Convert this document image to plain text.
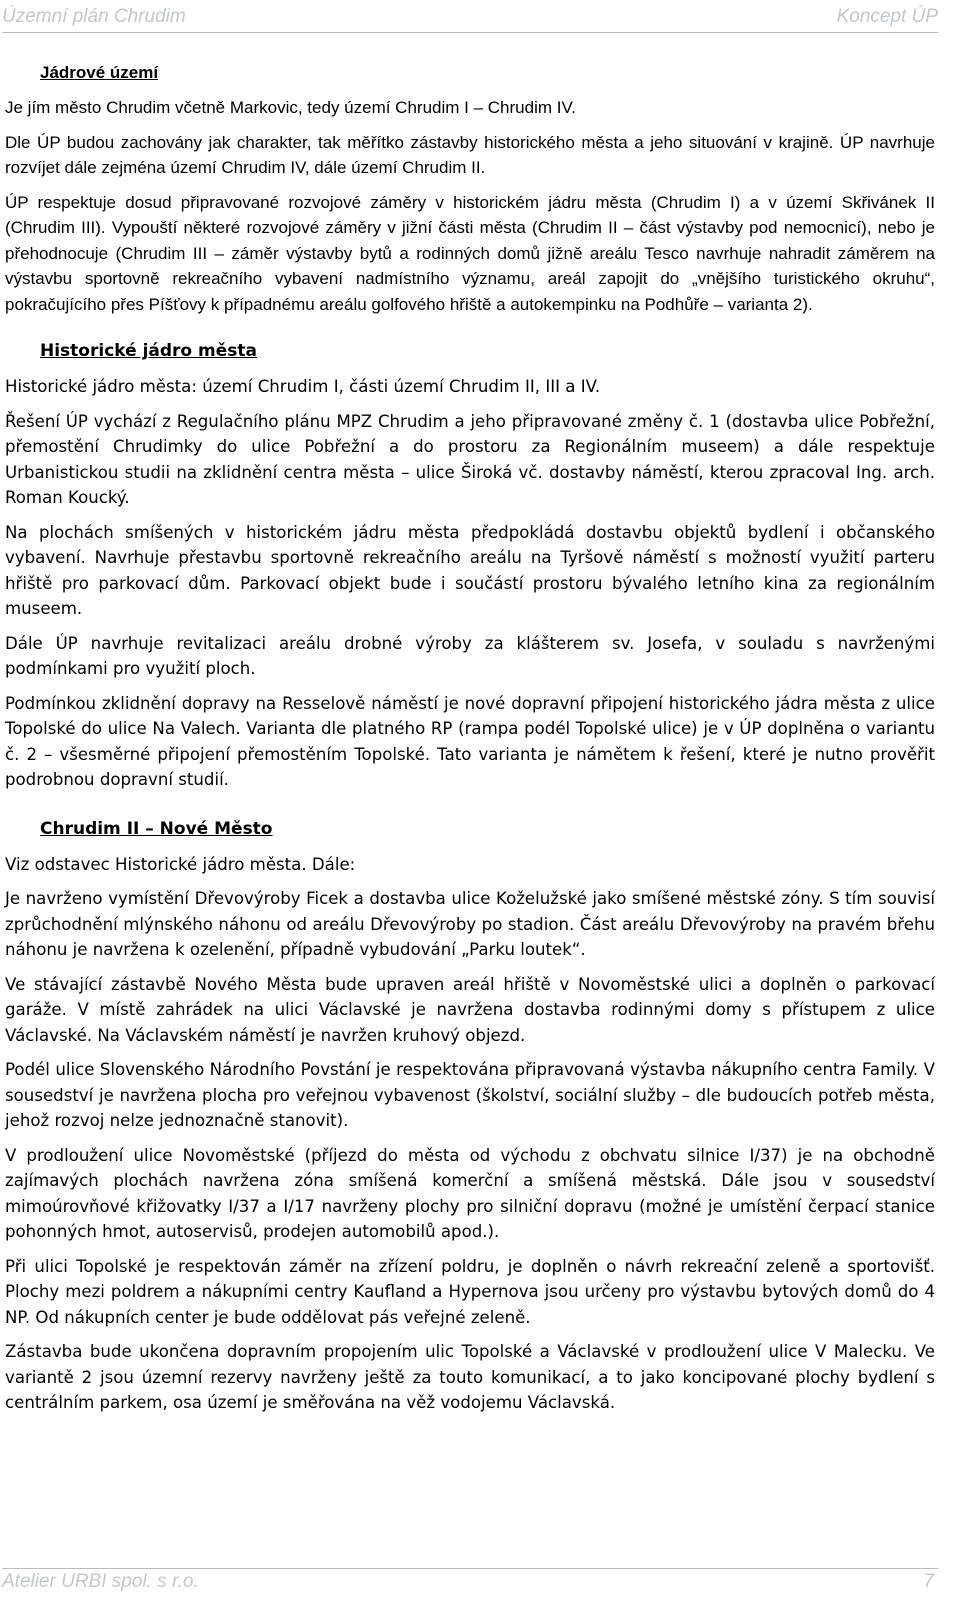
Územní plán Chrudim	Koncept ÚP
Jádrové území

Je jím město Chrudim včetně Markovic, tedy území Chrudim I – Chrudim IV.

Dle ÚP budou zachovány jak charakter, tak měřítko zástavby historického města a jeho situování v krajině. ÚP navrhuje rozvíjet dále zejména území Chrudim IV, dále území Chrudim II.

ÚP respektuje dosud připravované rozvojové záměry v historickém jádru města (Chrudim I) a v území Skřivánek II (Chrudim III). Vypouští některé rozvojové záměry v jižní části města (Chrudim II – část výstavby pod nemocnicí), nebo je přehodnocuje (Chrudim III – záměr výstavby bytů a rodinných domů jižně areálu Tesco navrhuje nahradit záměrem na výstavbu sportovně rekreačního vybavení nadmístního významu, areál zapojit do „vnějšího turistického okruhu“, pokračujícího přes Píšťovy k případnému areálu golfového hřiště a autokempinku na Podhůře – varianta 2).

Historické jádro města

Historické jádro města: území Chrudim I, části území Chrudim II, III a IV.

Řešení ÚP vychází z Regulačního plánu MPZ Chrudim a jeho připravované změny č. 1 (dostavba ulice Pobřežní, přemostění Chrudimky do ulice Pobřežní a do prostoru za Regionálním museem) a dále respektuje Urbanistickou studii na zklidnění centra města – ulice Široká vč. dostavby náměstí, kterou zpracoval Ing. arch. Roman Koucký.

Na plochách smíšených v historickém jádru města předpokládá dostavbu objektů bydlení i občanského vybavení. Navrhuje přestavbu sportovně rekreačního areálu na Tyršově náměstí s možností využití parteru hřiště pro parkovací dům. Parkovací objekt bude i součástí prostoru bývalého letního kina za regionálním museem.

Dále ÚP navrhuje revitalizaci areálu drobné výroby za klášterem sv. Josefa, v souladu s navrženými podmínkami pro využití ploch.

Podmínkou zklidnění dopravy na Resselově náměstí je nové dopravní připojení historického jádra města z ulice Topolské do ulice Na Valech. Varianta dle platného RP (rampa podél Topolské ulice) je v ÚP doplněna o variantu č. 2 – všesměrné připojení přemostěním Topolské. Tato varianta je námětem k řešení, které je nutno prověřit podrobnou dopravní studií.

Chrudim II – Nové Město

Viz odstavec Historické jádro města. Dále:

Je navrženo vymístění Dřevovýroby Ficek a dostavba ulice Koželužské jako smíšené městské zóny. S tím souvisí zprůchodnění mlýnského náhonu od areálu Dřevovýroby po stadion. Část areálu Dřevovýroby na pravém břehu náhonu je navržena k ozelenění, případně vybudování „Parku loutek“.

Ve stávající zástavbě Nového Města bude upraven areál hřiště v Novoměstské ulici a doplněn o parkovací garáže. V místě zahrádek na ulici Václavské je navržena dostavba rodinnými domy s přístupem z ulice Václavské. Na Václavském náměstí je navržen kruhový objezd.

Podél ulice Slovenského Národního Povstání je respektována připravovaná výstavba nákupního centra Family. V sousedství je navržena plocha pro veřejnou vybavenost (školství, sociální služby – dle budoucích potřeb města, jehož rozvoj nelze jednoznačně stanovit).

V prodloužení ulice Novoměstské (příjezd do města od východu z obchvatu silnice I/37) je na obchodně zajímavých plochách navržena zóna smíšená komerční a smíšená městská. Dále jsou v sousedství mimoúrovňové křižovatky I/37 a I/17 navrženy plochy pro silniční dopravu (možné je umístění čerpací stanice pohonných hmot, autoservisů, prodejen automobilů apod.).

Při ulici Topolské je respektován záměr na zřízení poldru, je doplněn o návrh rekreační zeleně a sportovišť. Plochy mezi poldrem a nákupními centry Kaufland a Hypernova jsou určeny pro výstavbu bytových domů do 4 NP. Od nákupních center je bude oddělovat pás veřejné zeleně.

Zástavba bude ukončena dopravním propojením ulic Topolské a Václavské v prodloužení ulice V Malecku. Ve variantě 2 jsou územní rezervy navrženy ještě za touto komunikací, a to jako koncipované plochy bydlení s centrálním parkem, osa území je směřována na věž vodojemu Václavská.

Atelier URBI spol. s r.o.	7
